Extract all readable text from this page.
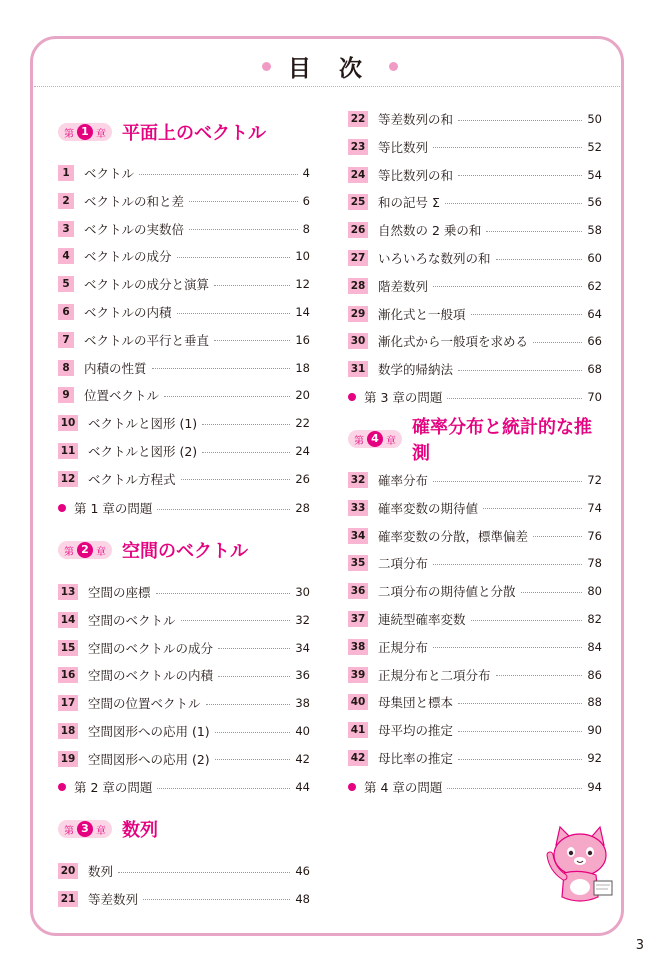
目 次
第 1 章 平面上のベクトル
1	ベクトル	4
2	ベクトルの和と差	6
3	ベクトルの実数倍	8
4	ベクトルの成分	10
5	ベクトルの成分と演算	12
6	ベクトルの内積	14
7	ベクトルの平行と垂直	16
8	内積の性質	18
9	位置ベクトル	20
10 ベクトルと図形 (1)	22
11 ベクトルと図形 (2)	24
12 ベクトル方程式	26
第 1 章の問題	28
第 2 章 空間のベクトル
13 空間の座標	30
14 空間のベクトル	32
15 空間のベクトルの成分	34
16 空間のベクトルの内積	36
17 空間の位置ベクトル	38
18 空間図形への応用 (1)	40
19 空間図形への応用 (2)	42
第 2 章の問題	44
第 3 章 数列
20 数列	46
21 等差数列	48
22 等差数列の和	50
23 等比数列	52
24 等比数列の和	54
25 和の記号 Σ	56
26 自然数の 2 乗の和	58
27 いろいろな数列の和	60
28 階差数列	62
29 漸化式と一般項	64
30 漸化式から一般項を求める	66
31 数学的帰納法	68
第 3 章の問題	70
第 4 章
確率分布と統計的な推測
32 確率分布	72
33 確率変数の期待値	74
34 確率変数の分散，標準偏差	76
35 二項分布	78
36 二項分布の期待値と分散	80
37 連続型確率変数	82
38 正規分布	84
39 正規分布と二項分布	86
40 母集団と標本	88
41 母平均の推定	90
42 母比率の推定	92
第 4 章の問題	94
3
